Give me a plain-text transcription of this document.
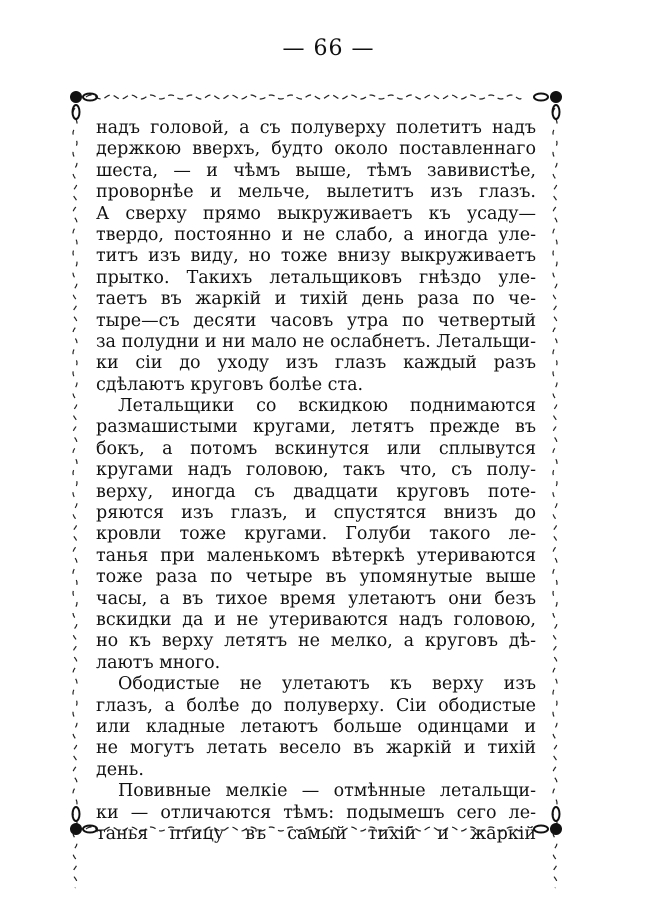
— 66 —
надъ головой, а съ полуверху полетитъ надъ
держкою вверхъ, будто около поставленнаго
шеста, — и чѣмъ выше, тѣмъ завивистѣе,
проворнѣе и мельче, вылетитъ изъ глазъ.
А сверху прямо выкруживаетъ къ усаду—
твердо, постоянно и не слабо, а иногда уле-
титъ изъ виду, но тоже внизу выкруживаетъ
прытко. Такихъ летальщиковъ гнѣздо уле-
таетъ въ жаркій и тихій день раза по че-
тыре—съ десяти часовъ утра по четвертый
за полудни и ни мало не ослабнетъ. Летальщи-
ки сіи до уходу изъ глазъ каждый разъ
сдѣлаютъ круговъ болѣе ста.
Летальщики со вскидкою поднимаются
размашистыми кругами, летятъ прежде въ
бокъ, а потомъ вскинутся или сплывутся
кругами надъ головою, такъ что, съ полу-
верху, иногда съ двадцати круговъ поте-
ряются изъ глазъ, и спустятся внизъ до
кровли тоже кругами. Голуби такого ле-
танья при маленькомъ вѣтеркѣ утериваются
тоже раза по четыре въ упомянутые выше
часы, а въ тихое время улетаютъ они безъ
вскидки да и не утериваются надъ головою,
но къ верху летятъ не мелко, а круговъ дѣ-
лаютъ много.
Ободистые не улетаютъ къ верху изъ
глазъ, а болѣе до полуверху. Сіи ободистые
или кладные летаютъ больше одинцами и
не могутъ летать весело въ жаркій и тихій
день.
Повивные мелкіе — отмѣнные летальщи-
ки — отличаются тѣмъ: подымешъ сего ле-
танья птицу въ самый тихій и жаркій
